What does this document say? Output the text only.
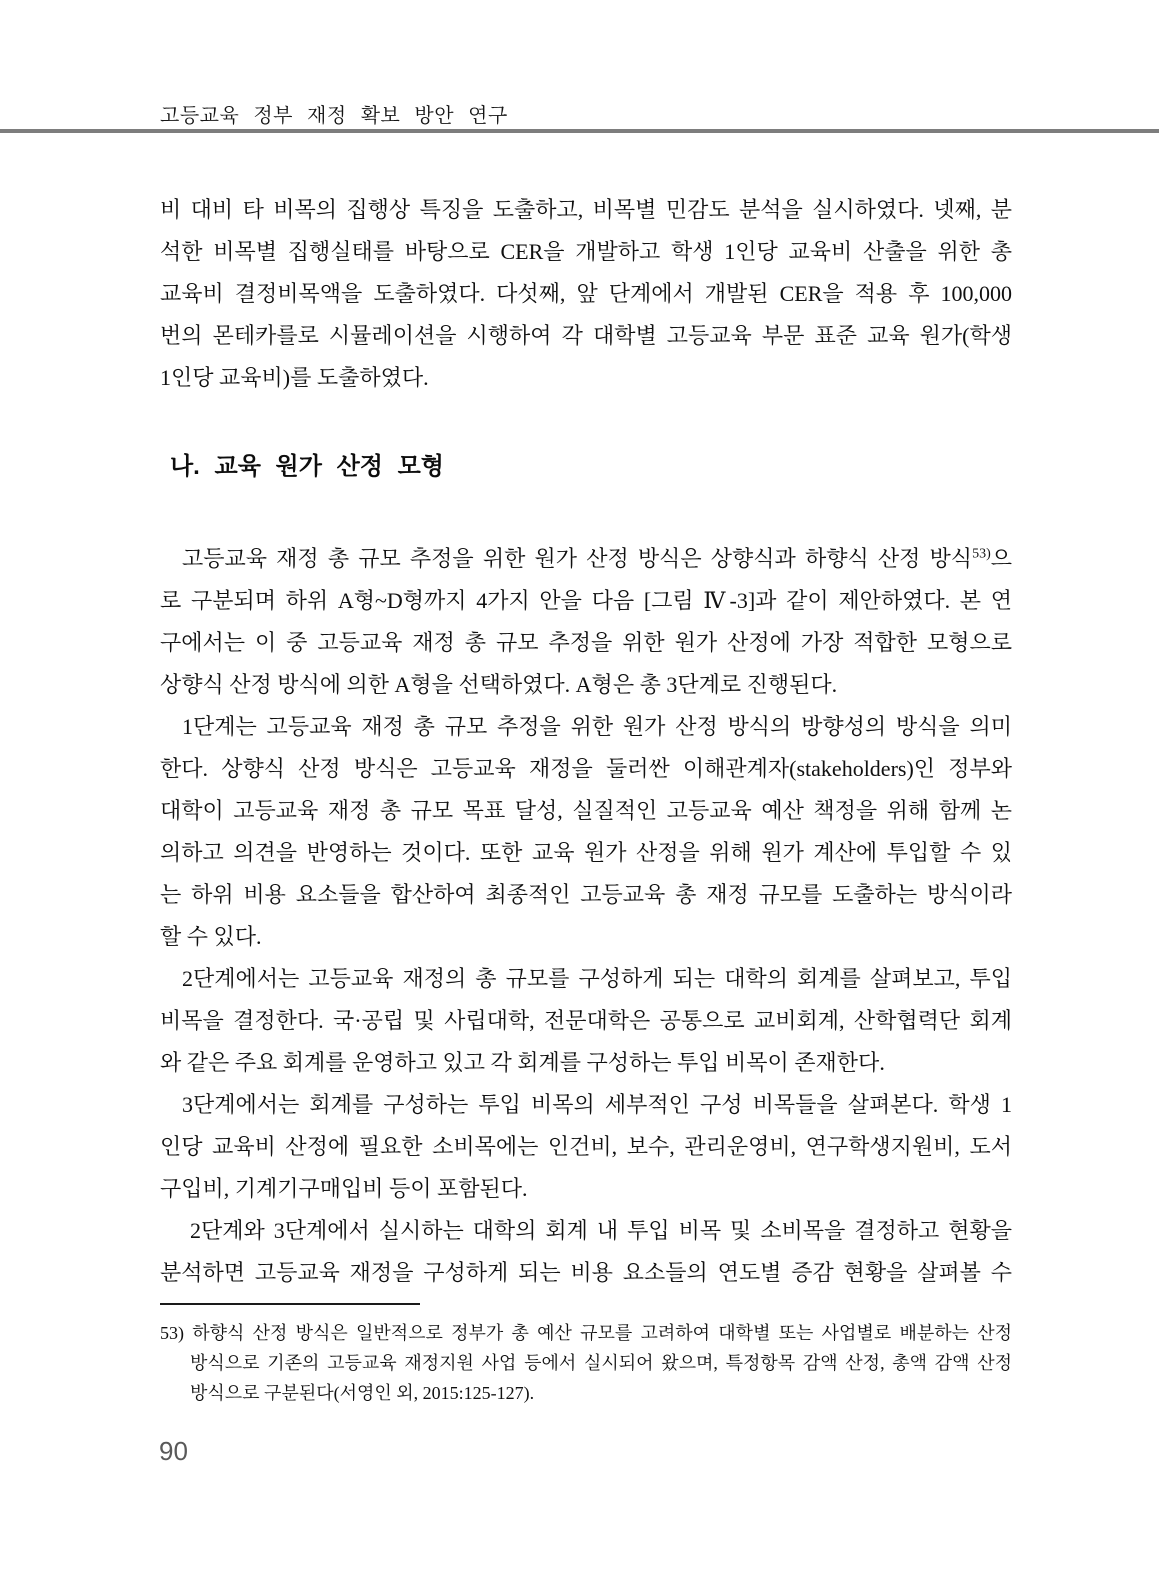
고등교육 정부 재정 확보 방안 연구
비 대비 타 비목의 집행상 특징을 도출하고, 비목별 민감도 분석을 실시하였다. 넷째, 분
석한 비목별 집행실태를 바탕으로 CER을 개발하고 학생 1인당 교육비 산출을 위한 총
교육비 결정비목액을 도출하였다. 다섯째, 앞 단계에서 개발된 CER을 적용 후 100,000
번의 몬테카를로 시뮬레이션을 시행하여 각 대학별 고등교육 부문 표준 교육 원가(학생
1인당 교육비)를 도출하였다.
나. 교육 원가 산정 모형
고등교육 재정 총 규모 추정을 위한 원가 산정 방식은 상향식과 하향식 산정 방식$^{53)}$으
로 구분되며 하위 A형~D형까지 4가지 안을 다음 [그림 Ⅳ-3]과 같이 제안하였다. 본 연
구에서는 이 중 고등교육 재정 총 규모 추정을 위한 원가 산정에 가장 적합한 모형으로
상향식 산정 방식에 의한 A형을 선택하였다. A형은 총 3단계로 진행된다.
1단계는 고등교육 재정 총 규모 추정을 위한 원가 산정 방식의 방향성의 방식을 의미
한다. 상향식 산정 방식은 고등교육 재정을 둘러싼 이해관계자(stakeholders)인 정부와
대학이 고등교육 재정 총 규모 목표 달성, 실질적인 고등교육 예산 책정을 위해 함께 논
의하고 의견을 반영하는 것이다. 또한 교육 원가 산정을 위해 원가 계산에 투입할 수 있
는 하위 비용 요소들을 합산하여 최종적인 고등교육 총 재정 규모를 도출하는 방식이라
할 수 있다.
2단계에서는 고등교육 재정의 총 규모를 구성하게 되는 대학의 회계를 살펴보고, 투입
비목을 결정한다. 국·공립 및 사립대학, 전문대학은 공통으로 교비회계, 산학협력단 회계
와 같은 주요 회계를 운영하고 있고 각 회계를 구성하는 투입 비목이 존재한다.
3단계에서는 회계를 구성하는 투입 비목의 세부적인 구성 비목들을 살펴본다. 학생 1
인당 교육비 산정에 필요한 소비목에는 인건비, 보수, 관리운영비, 연구학생지원비, 도서
구입비, 기계기구매입비 등이 포함된다.
2단계와 3단계에서 실시하는 대학의 회계 내 투입 비목 및 소비목을 결정하고 현황을
분석하면 고등교육 재정을 구성하게 되는 비용 요소들의 연도별 증감 현황을 살펴볼 수
53) 하향식 산정 방식은 일반적으로 정부가 총 예산 규모를 고려하여 대학별 또는 사업별로 배분하는 산정
방식으로 기존의 고등교육 재정지원 사업 등에서 실시되어 왔으며, 특정항목 감액 산정, 총액 감액 산정
방식으로 구분된다(서영인 외, 2015:125-127).
90
